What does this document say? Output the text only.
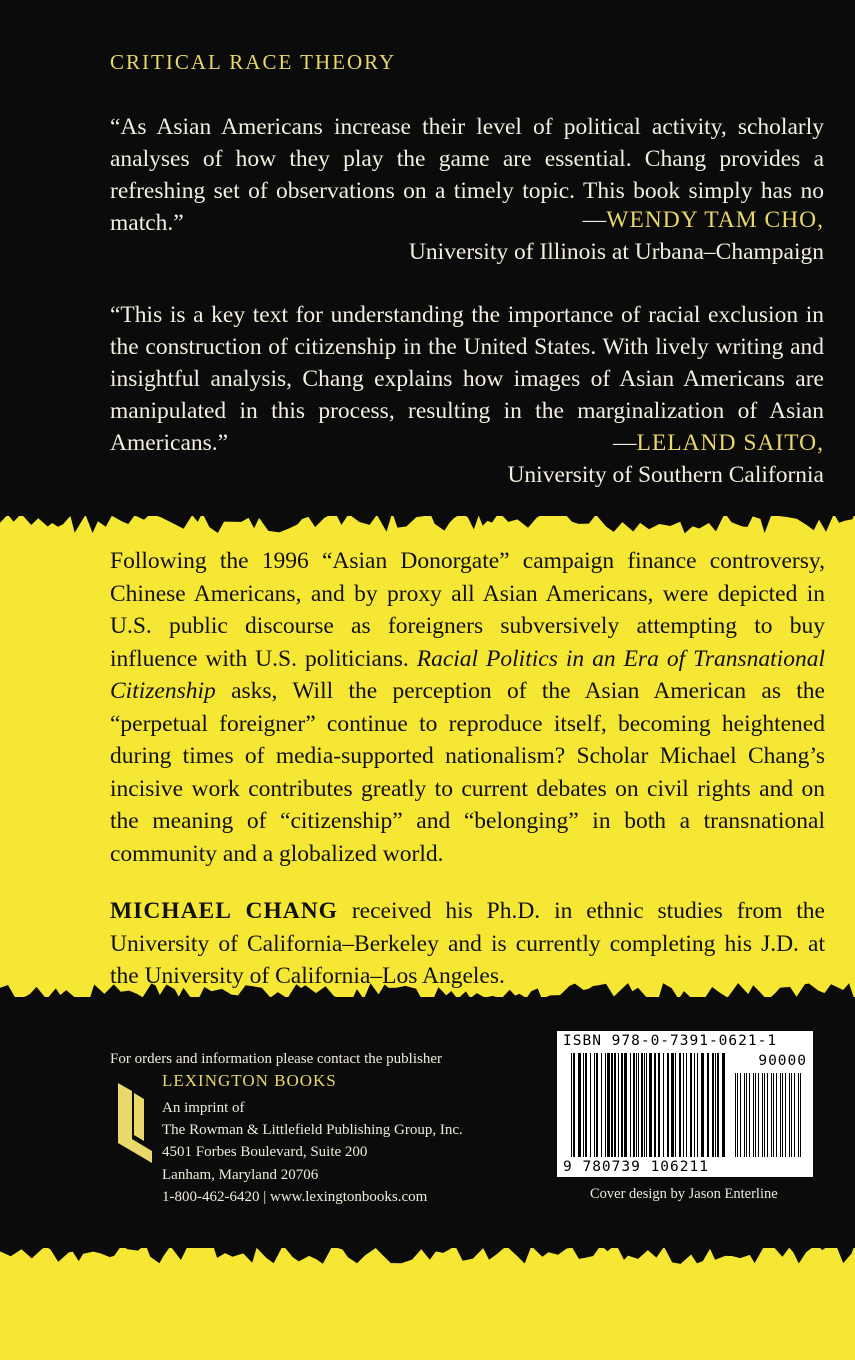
CRITICAL RACE THEORY

“As Asian Americans increase their level of political activity, scholarly analyses of how they play the game are essential. Chang provides a refreshing set of observations on a timely topic. This book simply has no match.”	—WENDY TAM CHO,
University of Illinois at Urbana–Champaign

“This is a key text for understanding the importance of racial exclusion in the construction of citizenship in the United States. With lively writing and insightful analysis, Chang explains how images of Asian Americans are manipulated in this process, resulting in the marginalization of Asian Americans.”	—LELAND SAITO,
University of Southern California

Following the 1996 “Asian Donorgate” campaign finance controversy, Chinese Americans, and by proxy all Asian Americans, were depicted in U.S. public discourse as foreigners subversively attempting to buy influence with U.S. politicians. Racial Politics in an Era of Transnational Citizenship asks, Will the perception of the Asian American as the “perpetual foreigner” continue to reproduce itself, becoming heightened during times of media-supported nationalism? Scholar Michael Chang’s incisive work contributes greatly to current debates on civil rights and on the meaning of “citizenship” and “belonging” in both a transnational community and a globalized world.

MICHAEL CHANG received his Ph.D. in ethnic studies from the University of California–Berkeley and is currently completing his J.D. at the University of California–Los Angeles.

For orders and information please contact the publisher
LEXINGTON BOOKS
An imprint of
The Rowman & Littlefield Publishing Group, Inc.
4501 Forbes Boulevard, Suite 200
Lanham, Maryland 20706
1-800-462-6420 | www.lexingtonbooks.com
ISBN 978-0-7391-0621-1
90000
9 780739 106211
Cover design by Jason Enterline
